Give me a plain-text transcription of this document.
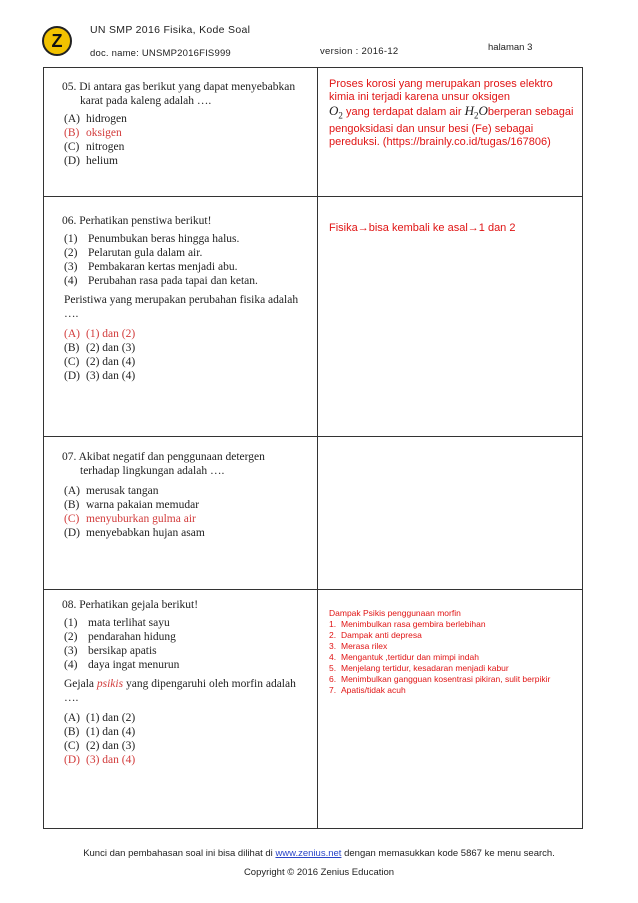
Z
UN SMP 2016 Fisika, Kode Soal
doc. name: UNSMP2016FIS999	version : 2016-12	halaman 3
05. Di antara gas berikut yang dapat menyebabkan karat pada kaleng adalah ….
(A) hidrogen
(B) oksigen
(C) nitrogen
(D) helium
Proses korosi yang merupakan proses elektro kimia ini terjadi karena unsur oksigen
$O_2$ yang terdapat dalam air $H_2Oberperan$ sebagai pengoksidasi dan unsur besi (Fe) sebagai pereduksi. (https://brainly.co.id/tugas/167806)
06. Perhatikan penstiwa berikut!
(1) Penumbukan beras hingga halus.
(2) Pelarutan gula dalam air.
(3) Pembakaran kertas menjadi abu.
(4) Perubahan rasa pada tapai dan ketan.
Peristiwa yang merupakan perubahan fisika adalah ….
(A) (1) dan (2)
(B) (2) dan (3)
(C) (2) dan (4)
(D) (3) dan (4)
Fisika→bisa kembali ke asal→1 dan 2
07. Akibat negatif dan penggunaan detergen terhadap lingkungan adalah ….
(A) merusak tangan
(B) warna pakaian memudar
(C) menyuburkan gulma air
(D) menyebabkan hujan asam
08. Perhatikan gejala berikut!
(1) mata terlihat sayu
(2) pendarahan hidung
(3) bersikap apatis
(4) daya ingat menurun
Gejala psikis yang dipengaruhi oleh morfin adalah ….
(A) (1) dan (2)
(B) (1) dan (4)
(C) (2) dan (3)
(D) (3) dan (4)
Dampak Psikis penggunaan morfin
1. Menimbulkan rasa gembira berlebihan
2. Dampak anti depresa
3. Merasa rilex
4. Mengantuk ,tertidur dan mimpi indah
5. Menjelang tertidur, kesadaran menjadi kabur
6. Menimbulkan gangguan kosentrasi pikiran, sulit berpikir
7. Apatis/tidak acuh
Kunci dan pembahasan soal ini bisa dilihat di www.zenius.net dengan memasukkan kode 5867 ke menu search.
Copyright © 2016 Zenius Education
